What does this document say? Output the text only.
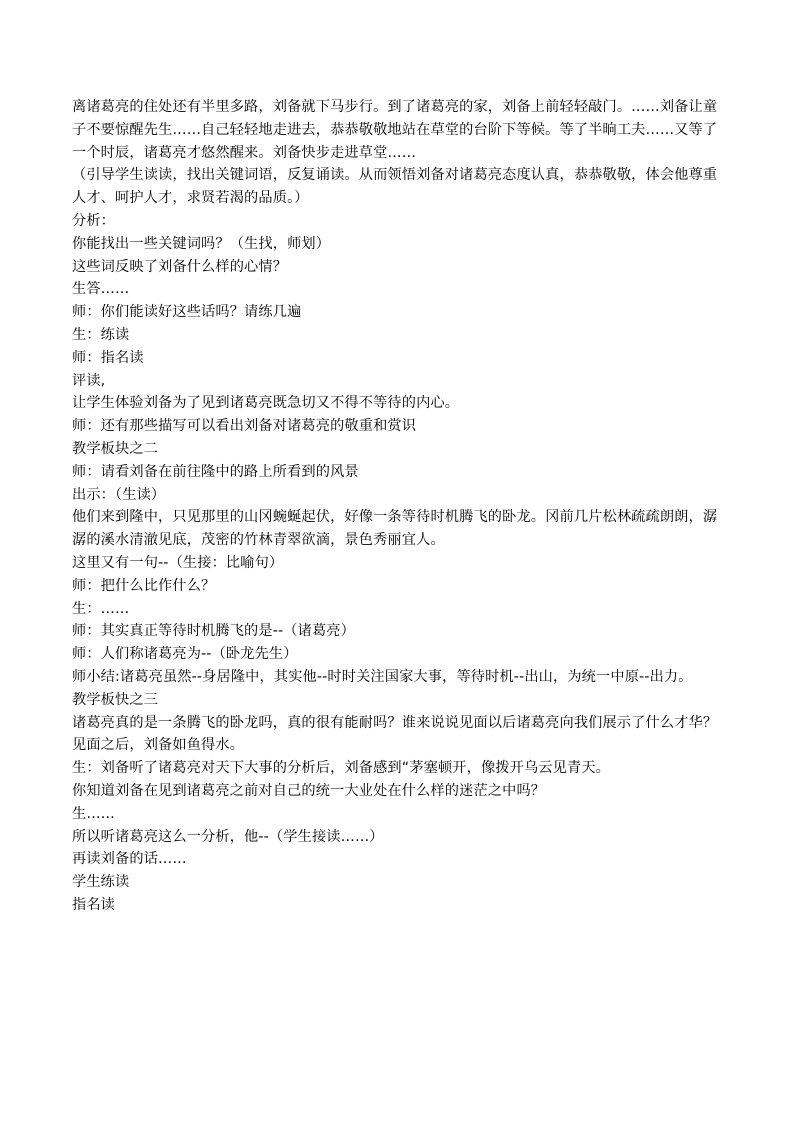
离诸葛亮的住处还有半里多路，刘备就下马步行。到了诸葛亮的家，刘备上前轻轻敲门。……刘备让童子不要惊醒先生……自己轻轻地走进去，恭恭敬敬地站在草堂的台阶下等候。等了半晌工夫……又等了一个时辰，诸葛亮才悠然醒来。刘备快步走进草堂……

（引导学生读读，找出关键词语，反复诵读。从而领悟刘备对诸葛亮态度认真，恭恭敬敬，体会他尊重人才、呵护人才，求贤若渴的品质。）

分析：

你能找出一些关键词吗？（生找，师划）

这些词反映了刘备什么样的心情？

生答……

师：你们能读好这些话吗？请练几遍

生：练读

师：指名读

评读,

让学生体验刘备为了见到诸葛亮既急切又不得不等待的内心。

师：还有那些描写可以看出刘备对诸葛亮的敬重和赏识

教学板块之二

师：请看刘备在前往隆中的路上所看到的风景

出示：（生读）

他们来到隆中，只见那里的山冈蜿蜒起伏，好像一条等待时机腾飞的卧龙。冈前几片松林疏疏朗朗，潺潺的溪水清澈见底，茂密的竹林青翠欲滴，景色秀丽宜人。

这里又有一句--（生接：比喻句）

师：把什么比作什么？

生：……

师：其实真正等待时机腾飞的是--（诸葛亮）

师：人们称诸葛亮为--（卧龙先生）

师小结:诸葛亮虽然--身居隆中，其实他--时时关注国家大事，等待时机--出山，为统一中原--出力。

教学板快之三

诸葛亮真的是一条腾飞的卧龙吗，真的很有能耐吗？谁来说说见面以后诸葛亮向我们展示了什么才华？

见面之后，刘备如鱼得水。

生：刘备听了诸葛亮对天下大事的分析后，刘备感到“茅塞顿开，像拨开乌云见青天。

你知道刘备在见到诸葛亮之前对自己的统一大业处在什么样的迷茫之中吗？

生……

所以听诸葛亮这么一分析，他--（学生接读……）

再读刘备的话……

学生练读

指名读
